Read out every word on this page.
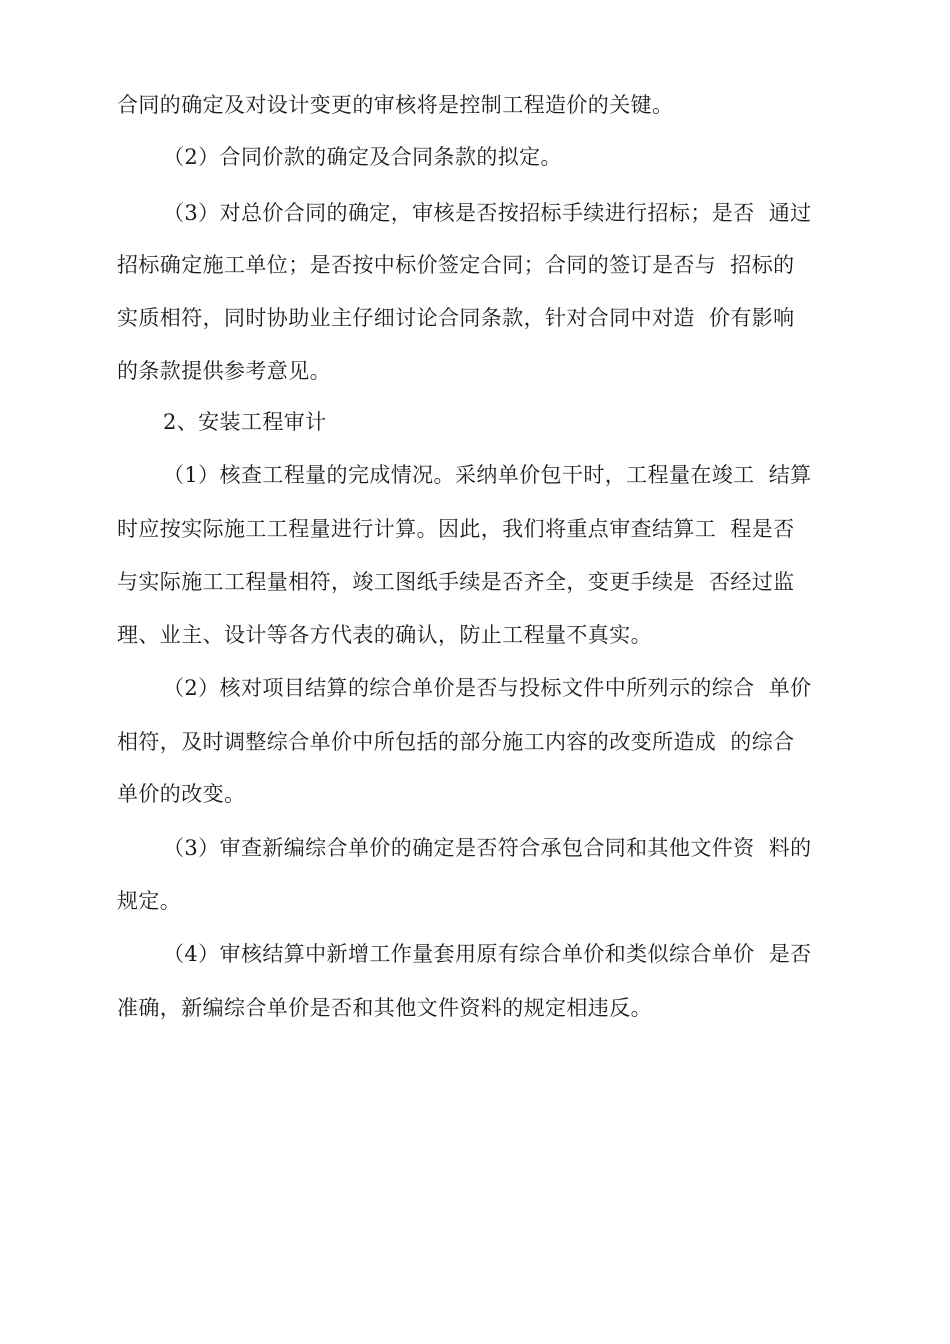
合同的确定及对设计变更的审核将是控制工程造价的关键。
（2）合同价款的确定及合同条款的拟定。
（3）对总价合同的确定，审核是否按招标手续进行招标；是否  通过
招标确定施工单位；是否按中标价签定合同；合同的签订是否与  招标的
实质相符，同时协助业主仔细讨论合同条款，针对合同中对造  价有影响
的条款提供参考意见。
2、安装工程审计
（1）核查工程量的完成情况。采纳单价包干时，工程量在竣工  结算
时应按实际施工工程量进行计算。因此，我们将重点审查结算工  程是否
与实际施工工程量相符，竣工图纸手续是否齐全，变更手续是  否经过监
理、业主、设计等各方代表的确认，防止工程量不真实。
（2）核对项目结算的综合单价是否与投标文件中所列示的综合  单价
相符，及时调整综合单价中所包括的部分施工内容的改变所造成  的综合
单价的改变。
（3）审查新编综合单价的确定是否符合承包合同和其他文件资  料的
规定。
（4）审核结算中新增工作量套用原有综合单价和类似综合单价  是否
准确，新编综合单价是否和其他文件资料的规定相违反。
